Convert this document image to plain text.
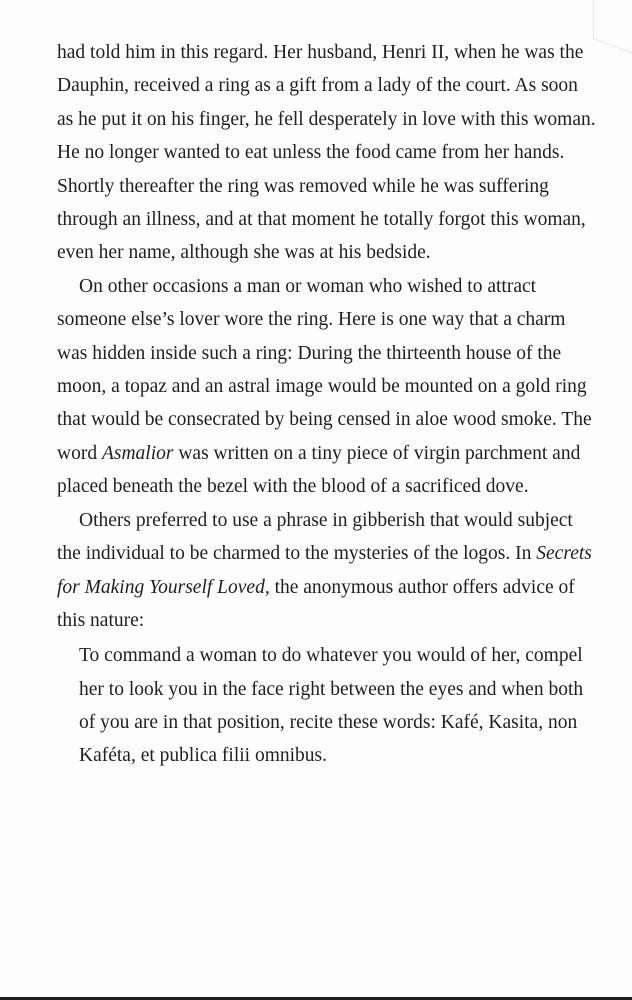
had told him in this regard. Her husband, Henri II, when he was the Dauphin, received a ring as a gift from a lady of the court. As soon as he put it on his finger, he fell desperately in love with this woman. He no longer wanted to eat unless the food came from her hands. Shortly thereafter the ring was removed while he was suffering through an illness, and at that moment he totally forgot this woman, even her name, although she was at his bedside.

On other occasions a man or woman who wished to attract someone else’s lover wore the ring. Here is one way that a charm was hidden inside such a ring: During the thirteenth house of the moon, a topaz and an astral image would be mounted on a gold ring that would be consecrated by being censed in aloe wood smoke. The word Asmalior was written on a tiny piece of virgin parchment and placed beneath the bezel with the blood of a sacrificed dove.

Others preferred to use a phrase in gibberish that would subject the individual to be charmed to the mysteries of the logos. In Secrets for Making Yourself Loved, the anonymous author offers advice of this nature:

To command a woman to do whatever you would of her, compel her to look you in the face right between the eyes and when both of you are in that position, recite these words: Kafé, Kasita, non Kaféta, et publica filii omnibus.
